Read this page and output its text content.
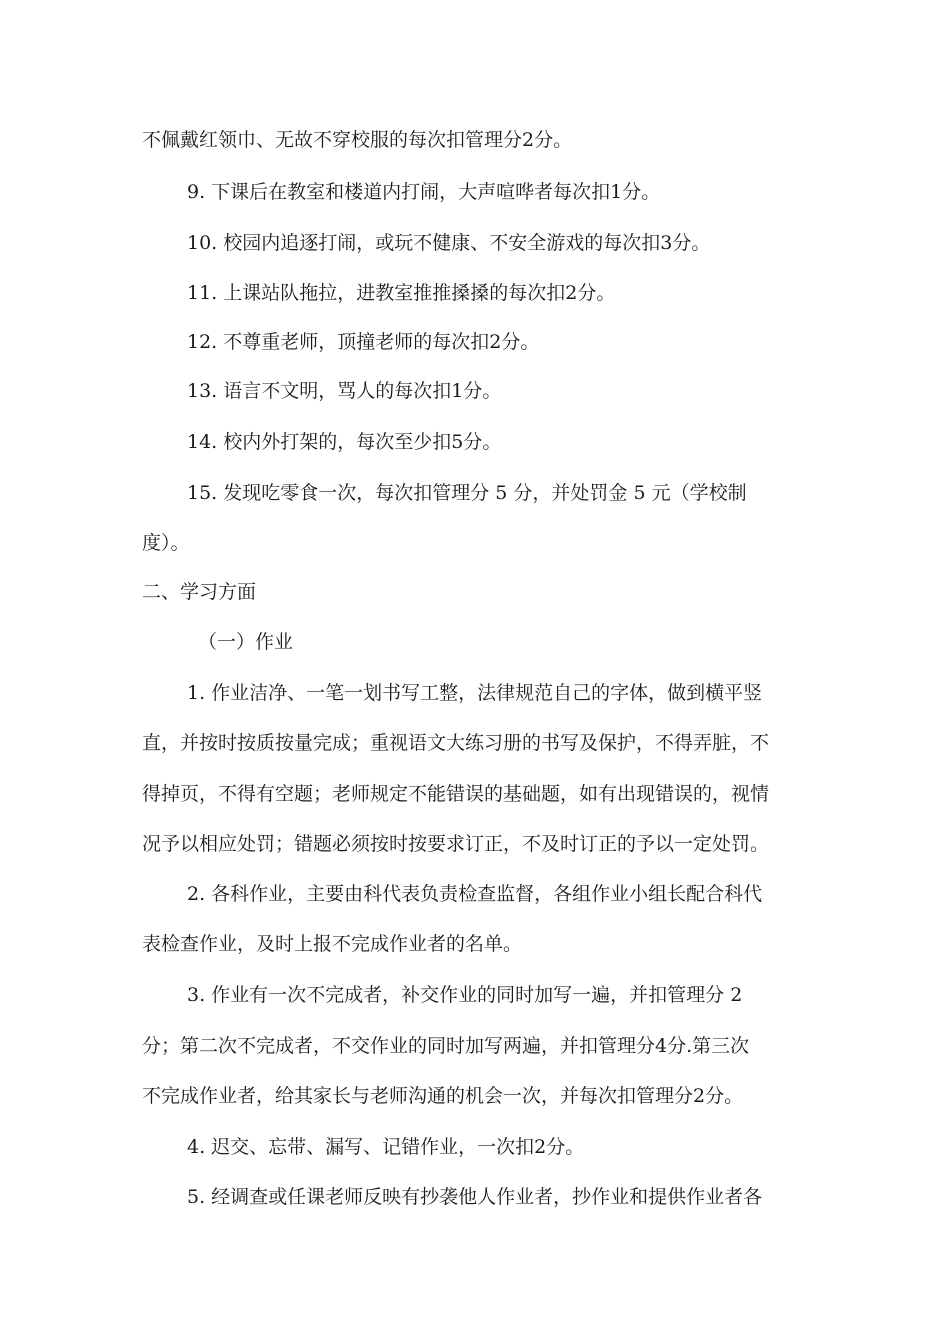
不佩戴红领巾、无故不穿校服的每次扣管理分2分。
9. 下课后在教室和楼道内打闹，大声喧哗者每次扣1分。
10. 校园内追逐打闹，或玩不健康、不安全游戏的每次扣3分。
11. 上课站队拖拉，进教室推推搡搡的每次扣2分。
12. 不尊重老师，顶撞老师的每次扣2分。
13. 语言不文明，骂人的每次扣1分。
14. 校内外打架的，每次至少扣5分。
15. 发现吃零食一次，每次扣管理分 5 分，并处罚金 5 元（学校制
度）。
二、学习方面
（一）作业
1. 作业洁净、一笔一划书写工整，法律规范自己的字体，做到横平竖
直，并按时按质按量完成；重视语文大练习册的书写及保护，不得弄脏，不
得掉页，不得有空题；老师规定不能错误的基础题，如有出现错误的，视情
况予以相应处罚；错题必须按时按要求订正，不及时订正的予以一定处罚。
2. 各科作业，主要由科代表负责检查监督，各组作业小组长配合科代
表检查作业，及时上报不完成作业者的名单。
3. 作业有一次不完成者，补交作业的同时加写一遍，并扣管理分 2
分；第二次不完成者，不交作业的同时加写两遍，并扣管理分4分.第三次
不完成作业者，给其家长与老师沟通的机会一次，并每次扣管理分2分。
4. 迟交、忘带、漏写、记错作业，一次扣2分。
5. 经调查或任课老师反映有抄袭他人作业者，抄作业和提供作业者各
